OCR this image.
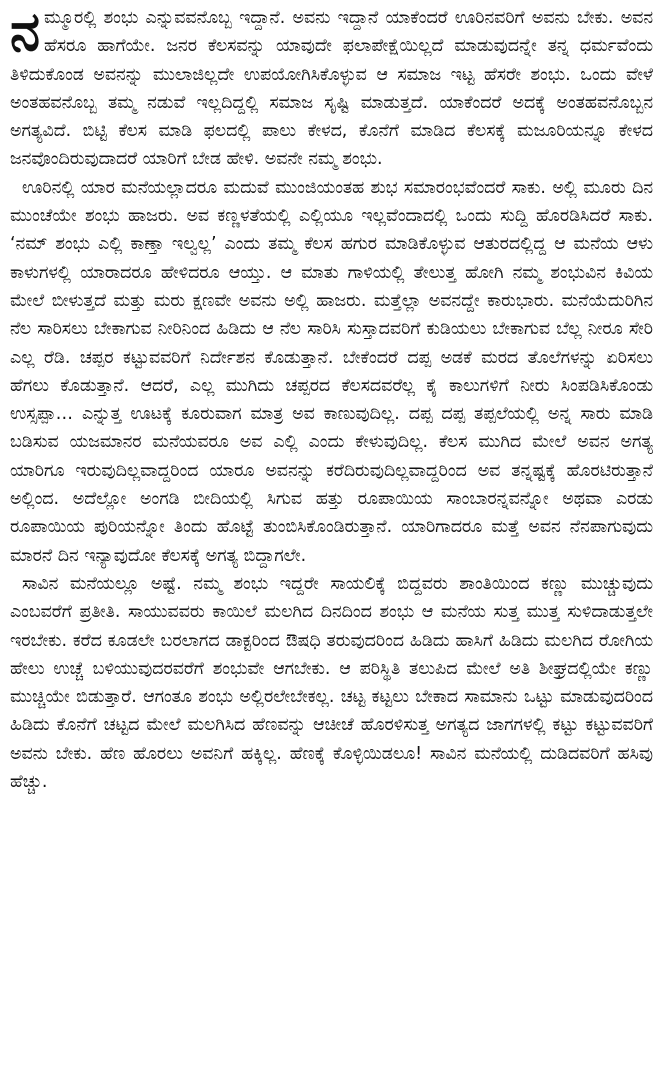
ನಮ್ಮೂರಲ್ಲಿ ಶಂಭು ಎನ್ನುವವನೊಬ್ಬ ಇದ್ದಾನೆ. ಅವನು ಇದ್ದಾನೆ ಯಾಕೆಂದರೆ ಊರಿನವರಿಗೆ ಅವನು ಬೇಕು. ಅವನ ಹೆಸರೂ ಹಾಗೆಯೇ. ಜನರ ಕೆಲಸವನ್ನು ಯಾವುದೇ ಫಲಾಪೇಕ್ಷೆಯಿಲ್ಲದೆ ಮಾಡುವುದನ್ನೇ ತನ್ನ ಧರ್ಮವೆಂದು ತಿಳಿದುಕೊಂಡ ಅವನನ್ನು ಮುಲಾಜಿಲ್ಲದೇ ಉಪಯೋಗಿಸಿಕೊಳ್ಳುವ ಆ ಸಮಾಜ ಇಟ್ಟ ಹೆಸರೇ ಶಂಭು. ಒಂದು ವೇಳೆ ಅಂತಹವನೊಬ್ಬ ತಮ್ಮ ನಡುವೆ ಇಲ್ಲದಿದ್ದಲ್ಲಿ ಸಮಾಜ ಸೃಷ್ಟಿ ಮಾಡುತ್ತದೆ. ಯಾಕೆಂದರೆ ಅದಕ್ಕೆ ಅಂತಹವನೊಬ್ಬನ ಅಗತ್ಯವಿದೆ. ಬಿಟ್ಟಿ ಕೆಲಸ ಮಾಡಿ ಫಲದಲ್ಲಿ ಪಾಲು ಕೇಳದ, ಕೊನೆಗೆ ಮಾಡಿದ ಕೆಲಸಕ್ಕೆ ಮಜೂರಿಯನ್ನೂ ಕೇಳದ ಜನವೊಂದಿರುವುದಾದರೆ ಯಾರಿಗೆ ಬೇಡ ಹೇಳಿ. ಅವನೇ ನಮ್ಮ ಶಂಭು.

ಊರಿನಲ್ಲಿ ಯಾರ ಮನೆಯಲ್ಲಾದರೂ ಮದುವೆ ಮುಂಜಿಯಂತಹ ಶುಭ ಸಮಾರಂಭವೆಂದರೆ ಸಾಕು. ಅಲ್ಲಿ ಮೂರು ದಿನ ಮುಂಚೆಯೇ ಶಂಭು ಹಾಜರು. ಅವ ಕಣ್ಣಳತೆಯಲ್ಲಿ ಎಲ್ಲಿಯೂ ಇಲ್ಲವೆಂದಾದಲ್ಲಿ ಒಂದು ಸುದ್ದಿ ಹೊರಡಿಸಿದರೆ ಸಾಕು. ‘ನಮ್ ಶಂಭು ಎಲ್ಲಿ ಕಾಣ್ತಾ ಇಲ್ವಲ್ಲ’ ಎಂದು ತಮ್ಮ ಕೆಲಸ ಹಗುರ ಮಾಡಿಕೊಳ್ಳುವ ಆತುರದಲ್ಲಿದ್ದ ಆ ಮನೆಯ ಆಳು ಕಾಳುಗಳಲ್ಲಿ ಯಾರಾದರೂ ಹೇಳಿದರೂ ಆಯ್ತು. ಆ ಮಾತು ಗಾಳಿಯಲ್ಲಿ ತೇಲುತ್ತ ಹೋಗಿ ನಮ್ಮ ಶಂಭುವಿನ ಕಿವಿಯ ಮೇಲೆ ಬೀಳುತ್ತದೆ ಮತ್ತು ಮರು ಕ್ಷಣವೇ ಅವನು ಅಲ್ಲಿ ಹಾಜರು. ಮತ್ತೆಲ್ಲಾ ಅವನದ್ದೇ ಕಾರುಭಾರು. ಮನೆಯೆದುರಿಗಿನ ನೆಲ ಸಾರಿಸಲು ಬೇಕಾಗುವ ನೀರಿನಿಂದ ಹಿಡಿದು ಆ ನೆಲ ಸಾರಿಸಿ ಸುಸ್ತಾದವರಿಗೆ ಕುಡಿಯಲು ಬೇಕಾಗುವ ಬೆಲ್ಲ ನೀರೂ ಸೇರಿ ಎಲ್ಲ ರೆಡಿ. ಚಪ್ಪರ ಕಟ್ಟುವವರಿಗೆ ನಿರ್ದೇಶನ ಕೊಡುತ್ತಾನೆ. ಬೇಕೆಂದರೆ ದಪ್ಪ ಅಡಕೆ ಮರದ ತೊಲೆಗಳನ್ನು ಏರಿಸಲು ಹೆಗಲು ಕೊಡುತ್ತಾನೆ. ಆದರೆ, ಎಲ್ಲ ಮುಗಿದು ಚಪ್ಪರದ ಕೆಲಸದವರೆಲ್ಲ ಕೈ ಕಾಲುಗಳಿಗೆ ನೀರು ಸಿಂಪಡಿಸಿಕೊಂಡು ಉಸ್ಸಪ್ಪಾ… ಎನ್ನುತ್ತ ಊಟಕ್ಕೆ ಕೂರುವಾಗ ಮಾತ್ರ ಅವ ಕಾಣುವುದಿಲ್ಲ. ದಪ್ಪ ದಪ್ಪ ತಪ್ಪಲೆಯಲ್ಲಿ ಅನ್ನ ಸಾರು ಮಾಡಿ ಬಡಿಸುವ ಯಜಮಾನರ ಮನೆಯವರೂ ಅವ ಎಲ್ಲಿ ಎಂದು ಕೇಳುವುದಿಲ್ಲ. ಕೆಲಸ ಮುಗಿದ ಮೇಲೆ ಅವನ ಅಗತ್ಯ ಯಾರಿಗೂ ಇರುವುದಿಲ್ಲವಾದ್ದರಿಂದ ಯಾರೂ ಅವನನ್ನು ಕರೆದಿರುವುದಿಲ್ಲವಾದ್ದರಿಂದ ಅವ ತನ್ನಷ್ಟಕ್ಕೆ ಹೊರಟಿರುತ್ತಾನೆ ಅಲ್ಲಿಂದ. ಅದೆಲ್ಲೋ ಅಂಗಡಿ ಬೀದಿಯಲ್ಲಿ ಸಿಗುವ ಹತ್ತು ರೂಪಾಯಿಯ ಸಾಂಬಾರನ್ನವನ್ನೋ ಅಥವಾ ಎರಡು ರೂಪಾಯಿಯ ಪುರಿಯನ್ನೋ ತಿಂದು ಹೊಟ್ಟೆ ತುಂಬಿಸಿಕೊಂಡಿರುತ್ತಾನೆ. ಯಾರಿಗಾದರೂ ಮತ್ತೆ ಅವನ ನೆನಪಾಗುವುದು ಮಾರನೆ ದಿನ ಇನ್ಯಾವುದೋ ಕೆಲಸಕ್ಕೆ ಅಗತ್ಯ ಬಿದ್ದಾಗಲೇ.

ಸಾವಿನ ಮನೆಯಲ್ಲೂ ಅಷ್ಟೆ. ನಮ್ಮ ಶಂಭು ಇದ್ದರೇ ಸಾಯಲಿಕ್ಕೆ ಬಿದ್ದವರು ಶಾಂತಿಯಿಂದ ಕಣ್ಣು ಮುಚ್ಚುವುದು ಎಂಬವರೆಗೆ ಪ್ರತೀತಿ. ಸಾಯುವವರು ಕಾಯಿಲೆ ಮಲಗಿದ ದಿನದಿಂದ ಶಂಭು ಆ ಮನೆಯ ಸುತ್ತ ಮುತ್ತ ಸುಳಿದಾಡುತ್ತಲೇ ಇರಬೇಕು. ಕರೆದ ಕೂಡಲೇ ಬರಲಾಗದ ಡಾಕ್ಟರಿಂದ ಔಷಧಿ ತರುವುದರಿಂದ ಹಿಡಿದು ಹಾಸಿಗೆ ಹಿಡಿದು ಮಲಗಿದ ರೋಗಿಯ ಹೇಲು ಉಚ್ಚೆ ಬಳಿಯುವುದರವರೆಗೆ ಶಂಭುವೇ ಆಗಬೇಕು. ಆ ಪರಿಸ್ಥಿತಿ ತಲುಪಿದ ಮೇಲೆ ಅತಿ ಶೀಘ್ರದಲ್ಲಿಯೇ ಕಣ್ಣು ಮುಚ್ಚಿಯೇ ಬಿಡುತ್ತಾರೆ. ಆಗಂತೂ ಶಂಭು ಅಲ್ಲಿರಲೇಬೇಕಲ್ಲ. ಚಟ್ಟ ಕಟ್ಟಲು ಬೇಕಾದ ಸಾಮಾನು ಒಟ್ಟು ಮಾಡುವುದರಿಂದ ಹಿಡಿದು ಕೊನೆಗೆ ಚಟ್ಟದ ಮೇಲೆ ಮಲಗಿಸಿದ ಹೆಣವನ್ನು ಆಚೀಚೆ ಹೊರಳಿಸುತ್ತ ಅಗತ್ಯದ ಜಾಗಗಳಲ್ಲಿ ಕಟ್ಟು ಕಟ್ಟುವವರಿಗೆ ಅವನು ಬೇಕು. ಹೆಣ ಹೊರಲು ಅವನಿಗೆ ಹಕ್ಕಿಲ್ಲ. ಹೆಣಕ್ಕೆ ಕೊಳ್ಳಿಯಿಡಲೂ! ಸಾವಿನ ಮನೆಯಲ್ಲಿ ದುಡಿದವರಿಗೆ ಹಸಿವು ಹೆಚ್ಚು.
